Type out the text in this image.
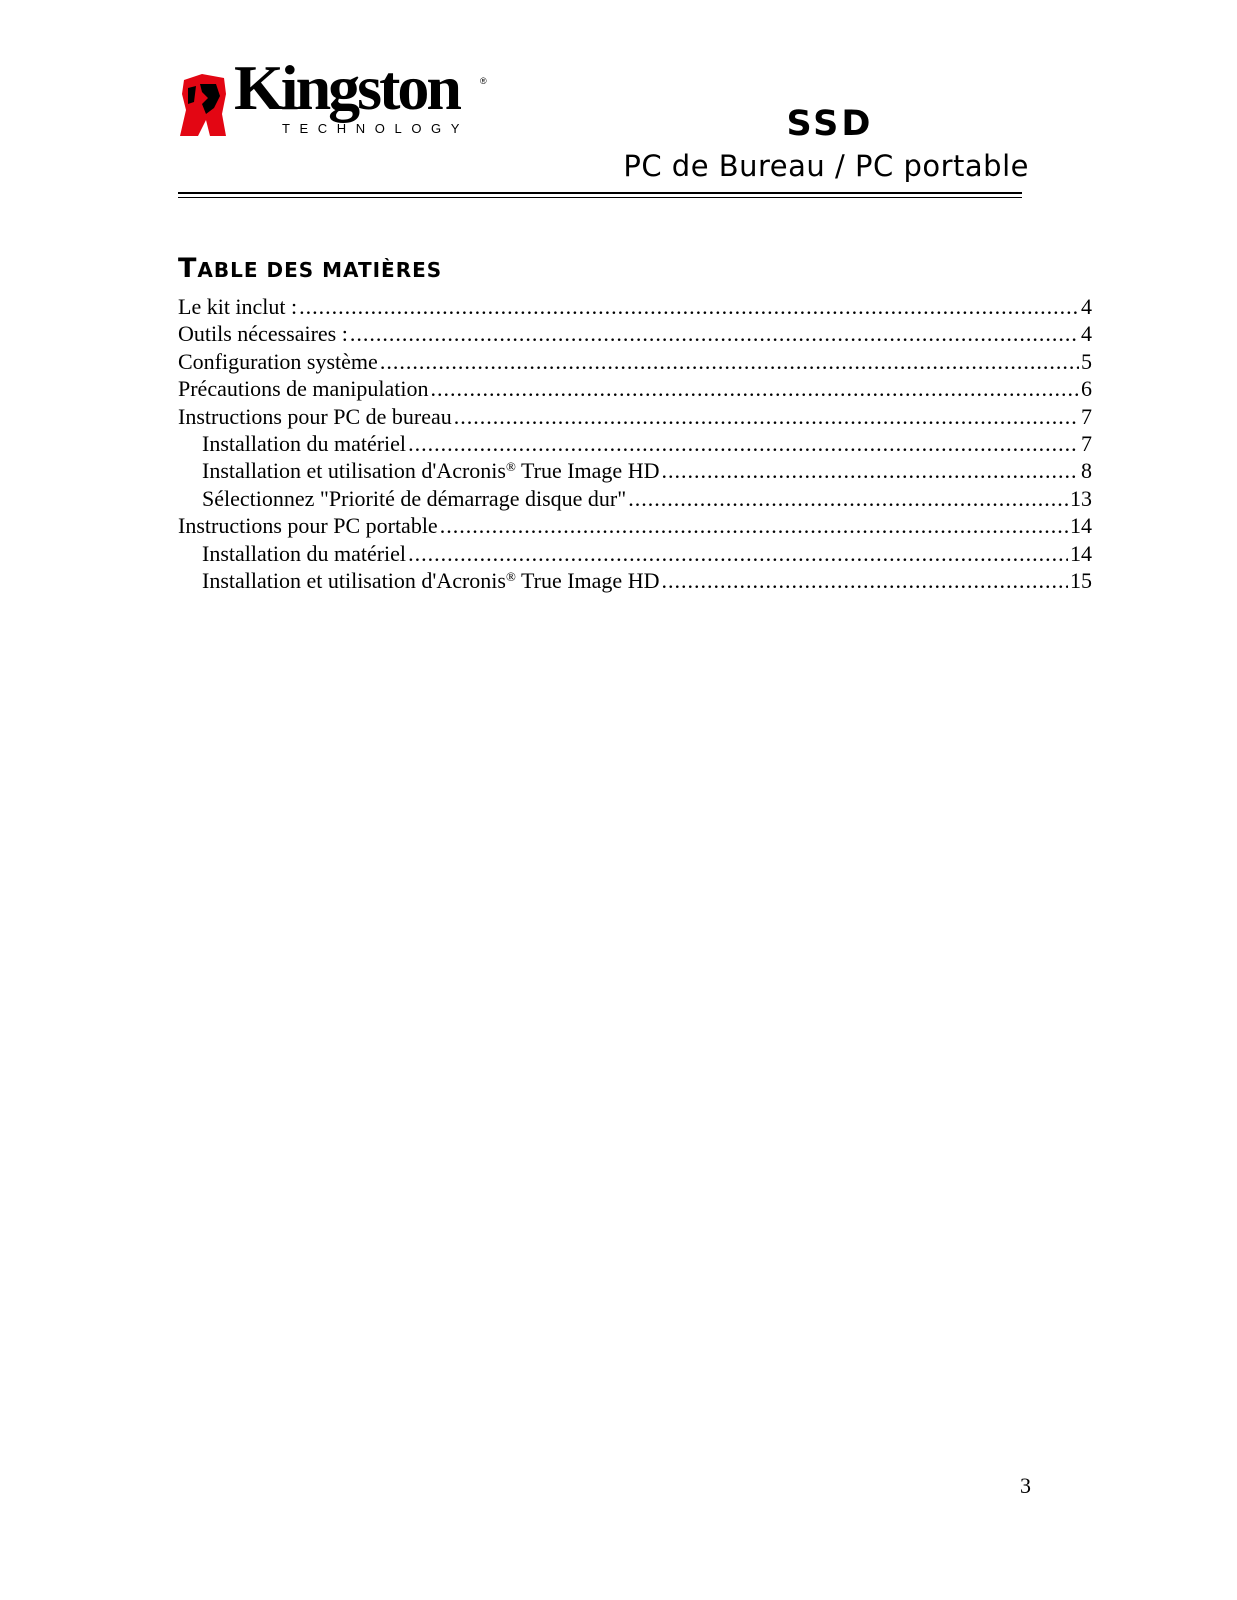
Kingston ®
TECHNOLOGY	SSD
PC de Bureau / PC portable
TABLE DES MATIÈRES
Le kit inclut : .....	4
Outils nécessaires : .....	4
Configuration système .....	5
Précautions de manipulation .....	6
Instructions pour PC de bureau .....	7
Installation du matériel .....	7
Installation et utilisation d'Acronis® True Image HD .....	8
Sélectionnez "Priorité de démarrage disque dur" .....	13
Instructions pour PC portable .....	14
Installation du matériel .....	14
Installation et utilisation d'Acronis® True Image HD .....	15
3
